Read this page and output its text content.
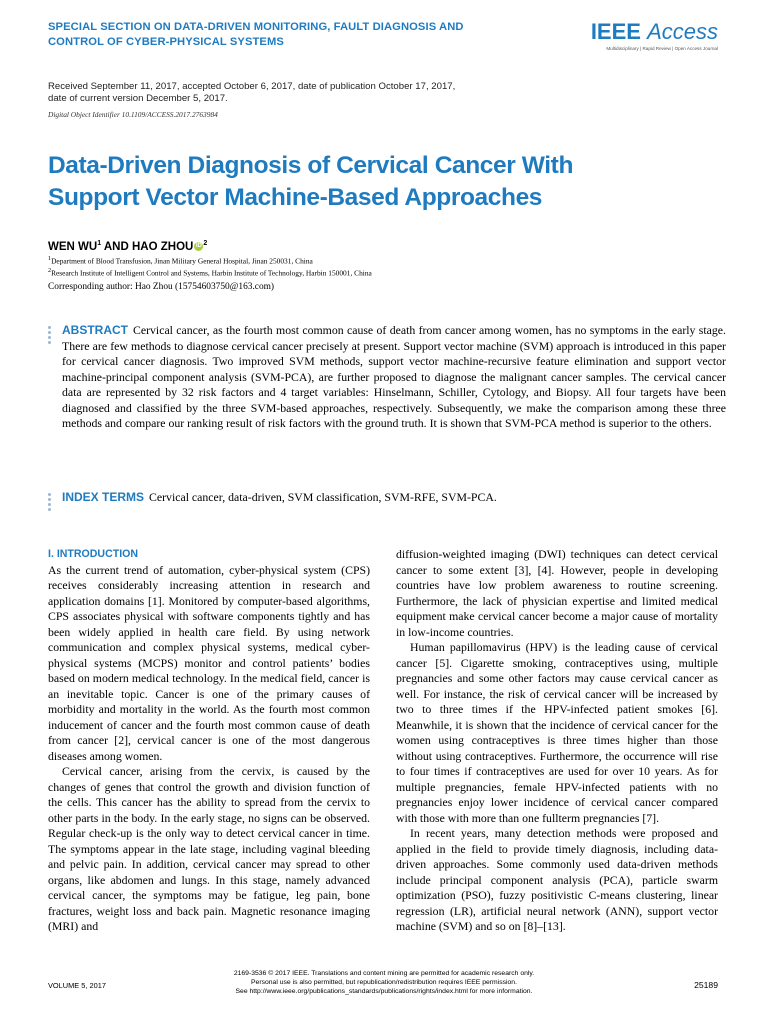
SPECIAL SECTION ON DATA-DRIVEN MONITORING, FAULT DIAGNOSIS AND
CONTROL OF CYBER-PHYSICAL SYSTEMS	IEEE Access
Multidisciplinary | Rapid Review | Open Access Journal
Received September 11, 2017, accepted October 6, 2017, date of publication October 17, 2017,
date of current version December 5, 2017.
Digital Object Identifier 10.1109/ACCESS.2017.2763984
Data-Driven Diagnosis of Cervical Cancer With
Support Vector Machine-Based Approaches
WEN $WU^1$ AND HAO ZHOU iD $^2$
$^1$Department of Blood Transfusion, Jinan Military General Hospital, Jinan 250031, China
$^2$Research Institute of Intelligent Control and Systems, Harbin Institute of Technology, Harbin 150001, China
Corresponding author: Hao Zhou (15754603750@163.com)
ABSTRACT Cervical cancer, as the fourth most common cause of death from cancer among women, has no symptoms in the early stage. There are few methods to diagnose cervical cancer precisely at present. Support vector machine (SVM) approach is introduced in this paper for cervical cancer diagnosis. Two improved SVM methods, support vector machine-recursive feature elimination and support vector machine-principal component analysis (SVM-PCA), are further proposed to diagnose the malignant cancer samples. The cervical cancer data are represented by 32 risk factors and 4 target variables: Hinselmann, Schiller, Cytology, and Biopsy. All four targets have been diagnosed and classified by the three SVM-based approaches, respectively. Subsequently, we make the comparison among these three methods and compare our ranking result of risk factors with the ground truth. It is shown that SVM-PCA method is superior to the others.
INDEX TERMS Cervical cancer, data-driven, SVM classification, SVM-RFE, SVM-PCA.
I. INTRODUCTION

As the current trend of automation, cyber-physical system (CPS) receives considerably increasing attention in research and application domains [1]. Monitored by computer-based algorithms, CPS associates physical with software components tightly and has been widely applied in health care field. By using network communication and complex physical systems, medical cyber-physical systems (MCPS) monitor and control patients’ bodies based on modern medical technology. In the medical field, cancer is an inevitable topic. Cancer is one of the primary causes of morbidity and mortality in the world. As the fourth most common inducement of cancer and the fourth most common cause of death from cancer [2], cervical cancer is one of the most dangerous diseases among women.

Cervical cancer, arising from the cervix, is caused by the changes of genes that control the growth and division function of the cells. This cancer has the ability to spread from the cervix to other parts in the body. In the early stage, no signs can be observed. Regular check-up is the only way to detect cervical cancer in time. The symptoms appear in the late stage, including vaginal bleeding and pelvic pain. In addition, cervical cancer may spread to other organs, like abdomen and lungs. In this stage, namely advanced cervical cancer, the symptoms may be fatigue, leg pain, bone fractures, weight loss and back pain. Magnetic resonance imaging (MRI) and

diffusion-weighted imaging (DWI) techniques can detect cervical cancer to some extent [3], [4]. However, people in developing countries have low problem awareness to routine screening. Furthermore, the lack of physician expertise and limited medical equipment make cervical cancer become a major cause of mortality in low-income countries.

Human papillomavirus (HPV) is the leading cause of cervical cancer [5]. Cigarette smoking, contraceptives using, multiple pregnancies and some other factors may cause cervical cancer as well. For instance, the risk of cervical cancer will be increased by two to three times if the HPV-infected patient smokes [6]. Meanwhile, it is shown that the incidence of cervical cancer for the women using contraceptives is three times higher than those without using contraceptives. Furthermore, the occurrence will rise to four times if contraceptives are used for over 10 years. As for multiple pregnancies, female HPV-infected patients with no pregnancies enjoy lower incidence of cervical cancer compared with those with more than one fullterm pregnancies [7].

In recent years, many detection methods were proposed and applied in the field to provide timely diagnosis, including data-driven approaches. Some commonly used data-driven methods include principal component analysis (PCA), particle swarm optimization (PSO), fuzzy positivistic C-means clustering, linear regression (LR), artificial neural network (ANN), support vector machine (SVM) and so on [8]–[13].

VOLUME 5, 2017
2169-3536 © 2017 IEEE. Translations and content mining are permitted for academic research only.
Personal use is also permitted, but republication/redistribution requires IEEE permission.
See http://www.ieee.org/publications_standards/publications/rights/index.html for more information.
25189
